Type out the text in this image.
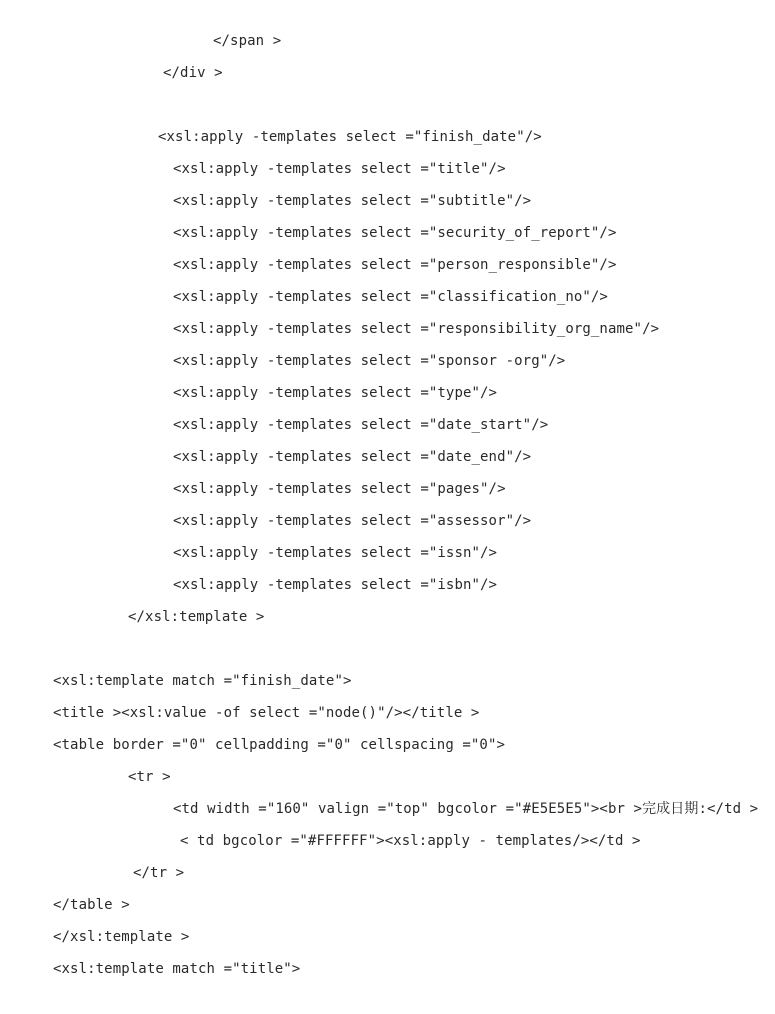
</span >
</div >
<xsl:apply -templates select ="finish_date"/>
<xsl:apply -templates select ="title"/>
<xsl:apply -templates select ="subtitle"/>
<xsl:apply -templates select ="security_of_report"/>
<xsl:apply -templates select ="person_responsible"/>
<xsl:apply -templates select ="classification_no"/>
<xsl:apply -templates select ="responsibility_org_name"/>
<xsl:apply -templates select ="sponsor -org"/>
<xsl:apply -templates select ="type"/>
<xsl:apply -templates select ="date_start"/>
<xsl:apply -templates select ="date_end"/>
<xsl:apply -templates select ="pages"/>
<xsl:apply -templates select ="assessor"/>
<xsl:apply -templates select ="issn"/>
<xsl:apply -templates select ="isbn"/>
</xsl:template >
<xsl:template match ="finish_date">
<title ><xsl:value -of select ="node()"/></title >
<table border ="0" cellpadding ="0" cellspacing ="0">
<tr >
<td width ="160" valign ="top" bgcolor ="#E5E5E5"><br >完成日期:</td >
< td bgcolor ="#FFFFFF"><xsl:apply - templates/></td >
</tr >
</table >
</xsl:template >
<xsl:template match ="title">
